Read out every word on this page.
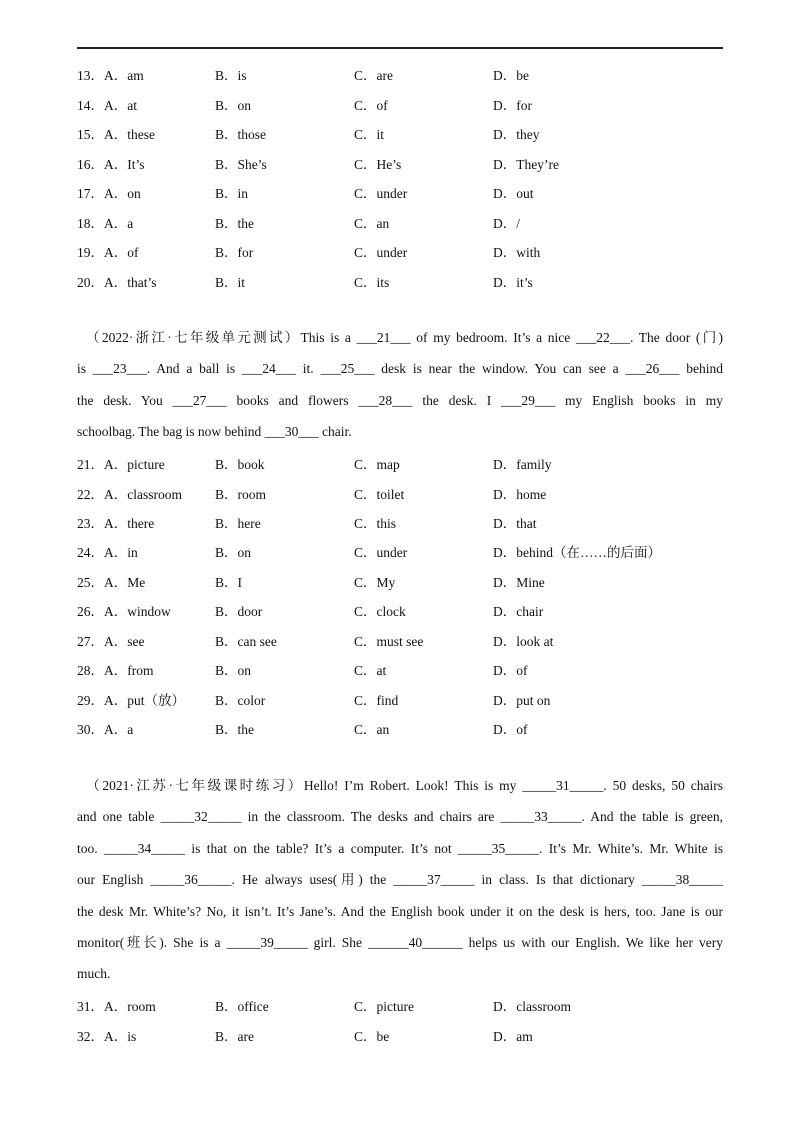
13．A．am	B．is	C．are	D．be
14．A．at	B．on	C．of	D．for
15．A．these	B．those	C．it	D．they
16．A．It’s	B．She’s	C．He’s	D．They’re
17．A．on	B．in	C．under	D．out
18．A．a	B．the	C．an	D．/
19．A．of	B．for	C．under	D．with
20．A．that’s	B．it	C．its	D．it’s
　（2022·浙江·七年级单元测试）This is a ___21___ of my bedroom. It’s a nice ___22___. The door (门)
is ___23___. And a ball is ___24___ it. ___25___ desk is near the window. You can see a ___26___ behind
the desk. You ___27___ books and flowers ___28___ the desk. I ___29___ my English books in my
schoolbag. The bag is now behind ___30___ chair.
21．A．picture	B．book	C．map	D．family
22．A．classroom B．room	C．toilet	D．home
23．A．there	B．here	C．this	D．that
24．A．in	B．on	C．under	D．behind（在……的后面）
25．A．Me	B．I	C．My	D．Mine
26．A．window	B．door	C．clock	D．chair
27．A．see	B．can see	C．must see	D．look at
28．A．from	B．on	C．at	D．of
29．A．put（放） B．color	C．find	D．put on
30．A．a	B．the	C．an	D．of
　（2021·江苏·七年级课时练习）Hello! I’m Robert. Look! This is my _____31_____. 50 desks, 50 chairs
and one table _____32_____ in the classroom. The desks and chairs are _____33_____. And the table is green,
too. _____34_____ is that on the table? It’s a computer. It’s not _____35_____. It’s Mr. White’s. Mr. White is
our English _____36_____. He always uses(用) the _____37_____ in class. Is that dictionary _____38_____
the desk Mr. White’s? No, it isn’t. It’s Jane’s. And the English book under it on the desk is hers, too. Jane is our
monitor(班长). She is a _____39_____ girl. She ______40______ helps us with our English. We like her very
much.
31．A．room	B．office	C．picture	D．classroom
32．A．is	B．are	C．be	D．am
